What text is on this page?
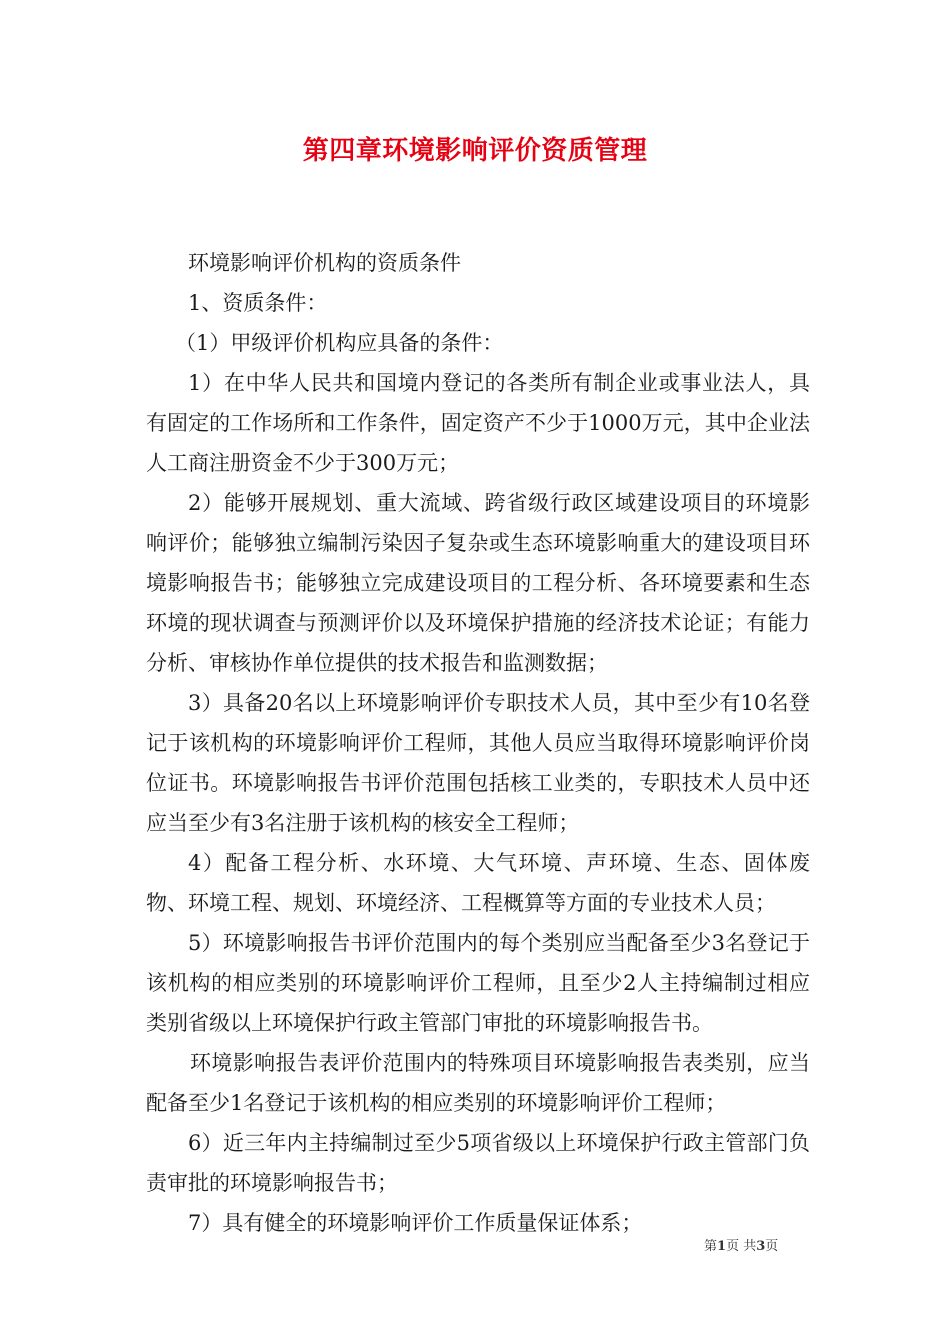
第四章环境影响评价资质管理

环境影响评价机构的资质条件

1、资质条件：

（1）甲级评价机构应具备的条件：

1）在中华人民共和国境内登记的各类所有制企业或事业法人，具有固定的工作场所和工作条件，固定资产不少于1000万元，其中企业法人工商注册资金不少于300万元；

2）能够开展规划、重大流域、跨省级行政区域建设项目的环境影响评价；能够独立编制污染因子复杂或生态环境影响重大的建设项目环境影响报告书；能够独立完成建设项目的工程分析、各环境要素和生态环境的现状调查与预测评价以及环境保护措施的经济技术论证；有能力分析、审核协作单位提供的技术报告和监测数据；

3）具备20名以上环境影响评价专职技术人员，其中至少有10名登记于该机构的环境影响评价工程师，其他人员应当取得环境影响评价岗位证书。环境影响报告书评价范围包括核工业类的，专职技术人员中还应当至少有3名注册于该机构的核安全工程师；

4）配备工程分析、水环境、大气环境、声环境、生态、固体废物、环境工程、规划、环境经济、工程概算等方面的专业技术人员；

5）环境影响报告书评价范围内的每个类别应当配备至少3名登记于该机构的相应类别的环境影响评价工程师，且至少2人主持编制过相应类别省级以上环境保护行政主管部门审批的环境影响报告书。

环境影响报告表评价范围内的特殊项目环境影响报告表类别，应当配备至少1名登记于该机构的相应类别的环境影响评价工程师；

6）近三年内主持编制过至少5项省级以上环境保护行政主管部门负责审批的环境影响报告书；

7）具有健全的环境影响评价工作质量保证体系；

第1页 共3页
